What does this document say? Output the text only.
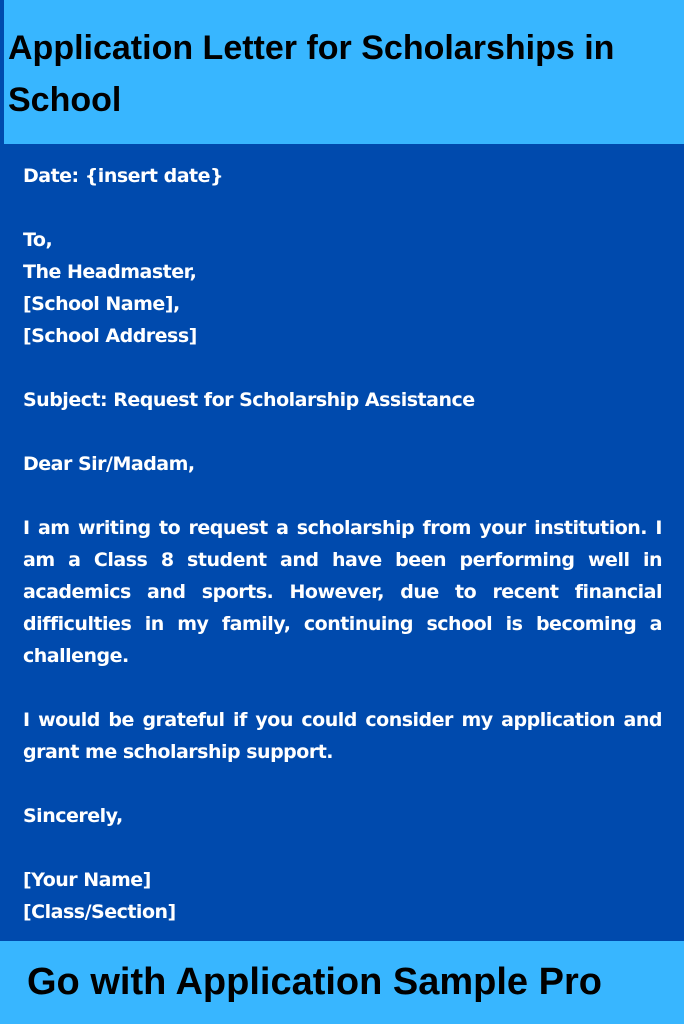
Application Letter for Scholarships in School

Date: {insert date}

To,
The Headmaster,
[School Name],
[School Address]

Subject: Request for Scholarship Assistance

Dear Sir/Madam,

I am writing to request a scholarship from your institution. I am a Class 8 student and have been performing well in academics and sports. However, due to recent financial difficulties in my family, continuing school is becoming a challenge.

I would be grateful if you could consider my application and grant me scholarship support.

Sincerely,

[Your Name]
[Class/Section]

Go with Application Sample Pro
